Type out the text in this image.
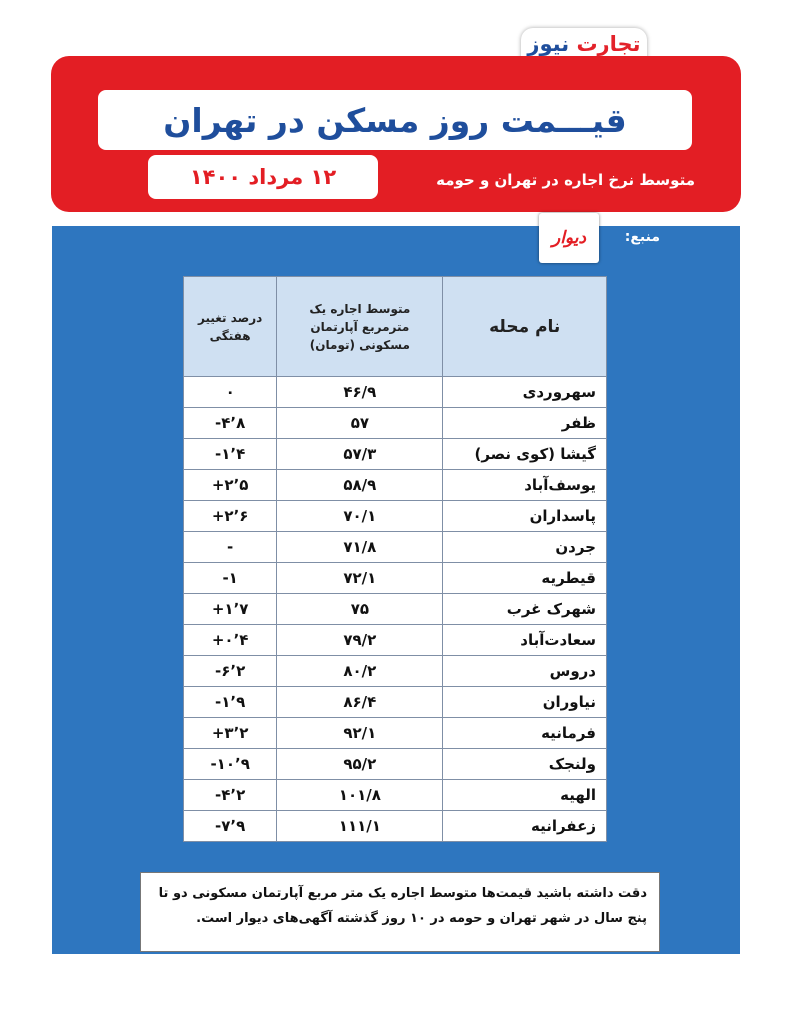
تجارت نیوز
قیـــمت روز مسکن در تهران
متوسط نرخ اجاره در تهران و حومه
۱۲ مرداد ۱۴۰۰
منبع:
دیوار
نام محله	متوسط اجاره یک مترمربع آپارتمان مسکونی (تومان)	درصد تغییر هفتگی

سهروردی	۴۶/۹	۰
ظفر	۵۷	-۴٬۸
گیشا (کوی نصر)	۵۷/۳	-۱٬۴
یوسف‌آباد	۵۸/۹	+۲٬۵
پاسداران	۷۰/۱	+۲٬۶
جردن	۷۱/۸	-
قیطریه	۷۲/۱	-۱
شهرک غرب	۷۵	+۱٬۷
سعادت‌آباد	۷۹/۲	+۰٬۴
دروس	۸۰/۲	-۶٬۲
نیاوران	۸۶/۴	-۱٬۹
فرمانیه	۹۲/۱	+۳٬۲
ولنجک	۹۵/۲	-۱۰٬۹
الهیه	۱۰۱/۸	-۴٬۲
زعفرانیه	۱۱۱/۱	-۷٬۹
دقت داشته باشید قیمت‌ها متوسط اجاره یک متر مربع آپارتمان مسکونی دو تا پنج سال در شهر تهران و حومه در ۱۰ روز گذشته آگهی‌های دیوار است.
